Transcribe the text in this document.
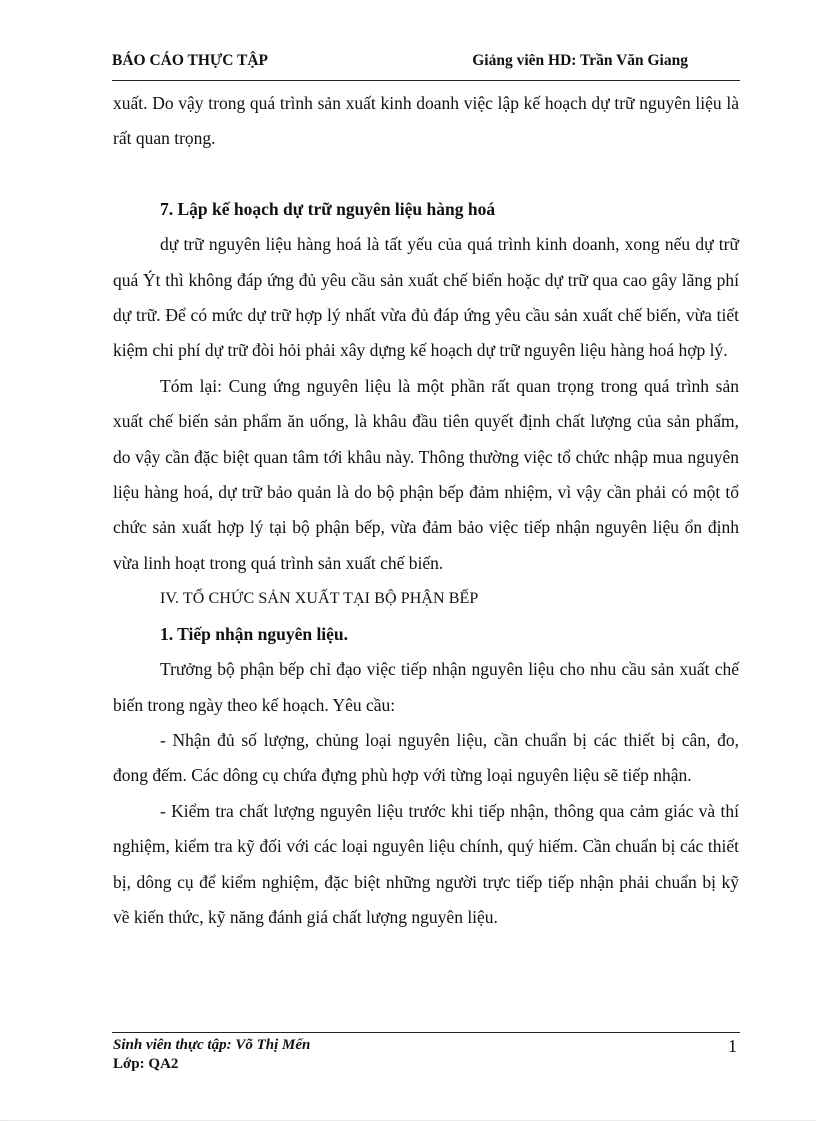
BÁO CÁO THỰC TẬP	Giảng viên HD: Trần Văn Giang

xuất. Do vậy trong quá trình sản xuất kinh doanh việc lập kế hoạch dự trữ nguyên liệu là rất quan trọng.

7. Lập kế hoạch dự trữ nguyên liệu hàng hoá

dự trữ nguyên liệu hàng hoá là tất yếu của quá trình kinh doanh, xong nếu dự trữ quá Ýt thì không đáp ứng đủ yêu cầu sản xuất chế biến hoặc dự trữ qua cao gây lãng phí dự trữ. Để có mức dự trữ hợp lý nhất vừa đủ đáp ứng yêu cầu sản xuất chế biến, vừa tiết kiệm chi phí dự trữ đòi hỏi phải xây dựng kế hoạch dự trữ nguyên liệu hàng hoá hợp lý.

Tóm lại: Cung ứng nguyên liệu là một phần rất quan trọng trong quá trình sản xuất chế biến sản phẩm ăn uống, là khâu đầu tiên quyết định chất lượng của sản phẩm, do vậy cần đặc biệt quan tâm tới khâu này. Thông thường việc tổ chức nhập mua nguyên liệu hàng hoá, dự trữ bảo quản là do bộ phận bếp đảm nhiệm, vì vậy cần phải có một tổ chức sản xuất hợp lý tại bộ phận bếp, vừa đảm bảo việc tiếp nhận nguyên liệu ổn định vừa linh hoạt trong quá trình sản xuất chế biến.

IV. TỔ CHỨC SẢN XUẤT TẠI BỘ PHẬN BẾP

1. Tiếp nhận nguyên liệu.

Trưởng bộ phận bếp chỉ đạo việc tiếp nhận nguyên liệu cho nhu cầu sản xuất chế biến trong ngày theo kế hoạch. Yêu cầu:

- Nhận đủ số lượng, chủng loại nguyên liệu, cần chuẩn bị các thiết bị cân, đo, đong đếm. Các dông cụ chứa đựng phù hợp với từng loại nguyên liệu sẽ tiếp nhận.

- Kiểm tra chất lượng nguyên liệu trước khi tiếp nhận, thông qua cảm giác và thí nghiệm, kiểm tra kỹ đối với các loại nguyên liệu chính, quý hiếm. Cần chuẩn bị các thiết bị, dông cụ để kiểm nghiệm, đặc biệt những người trực tiếp tiếp nhận phải chuẩn bị kỹ về kiến thức, kỹ năng đánh giá chất lượng nguyên liệu.

Sinh viên thực tập: Võ Thị Mến
Lớp: QA2
1
